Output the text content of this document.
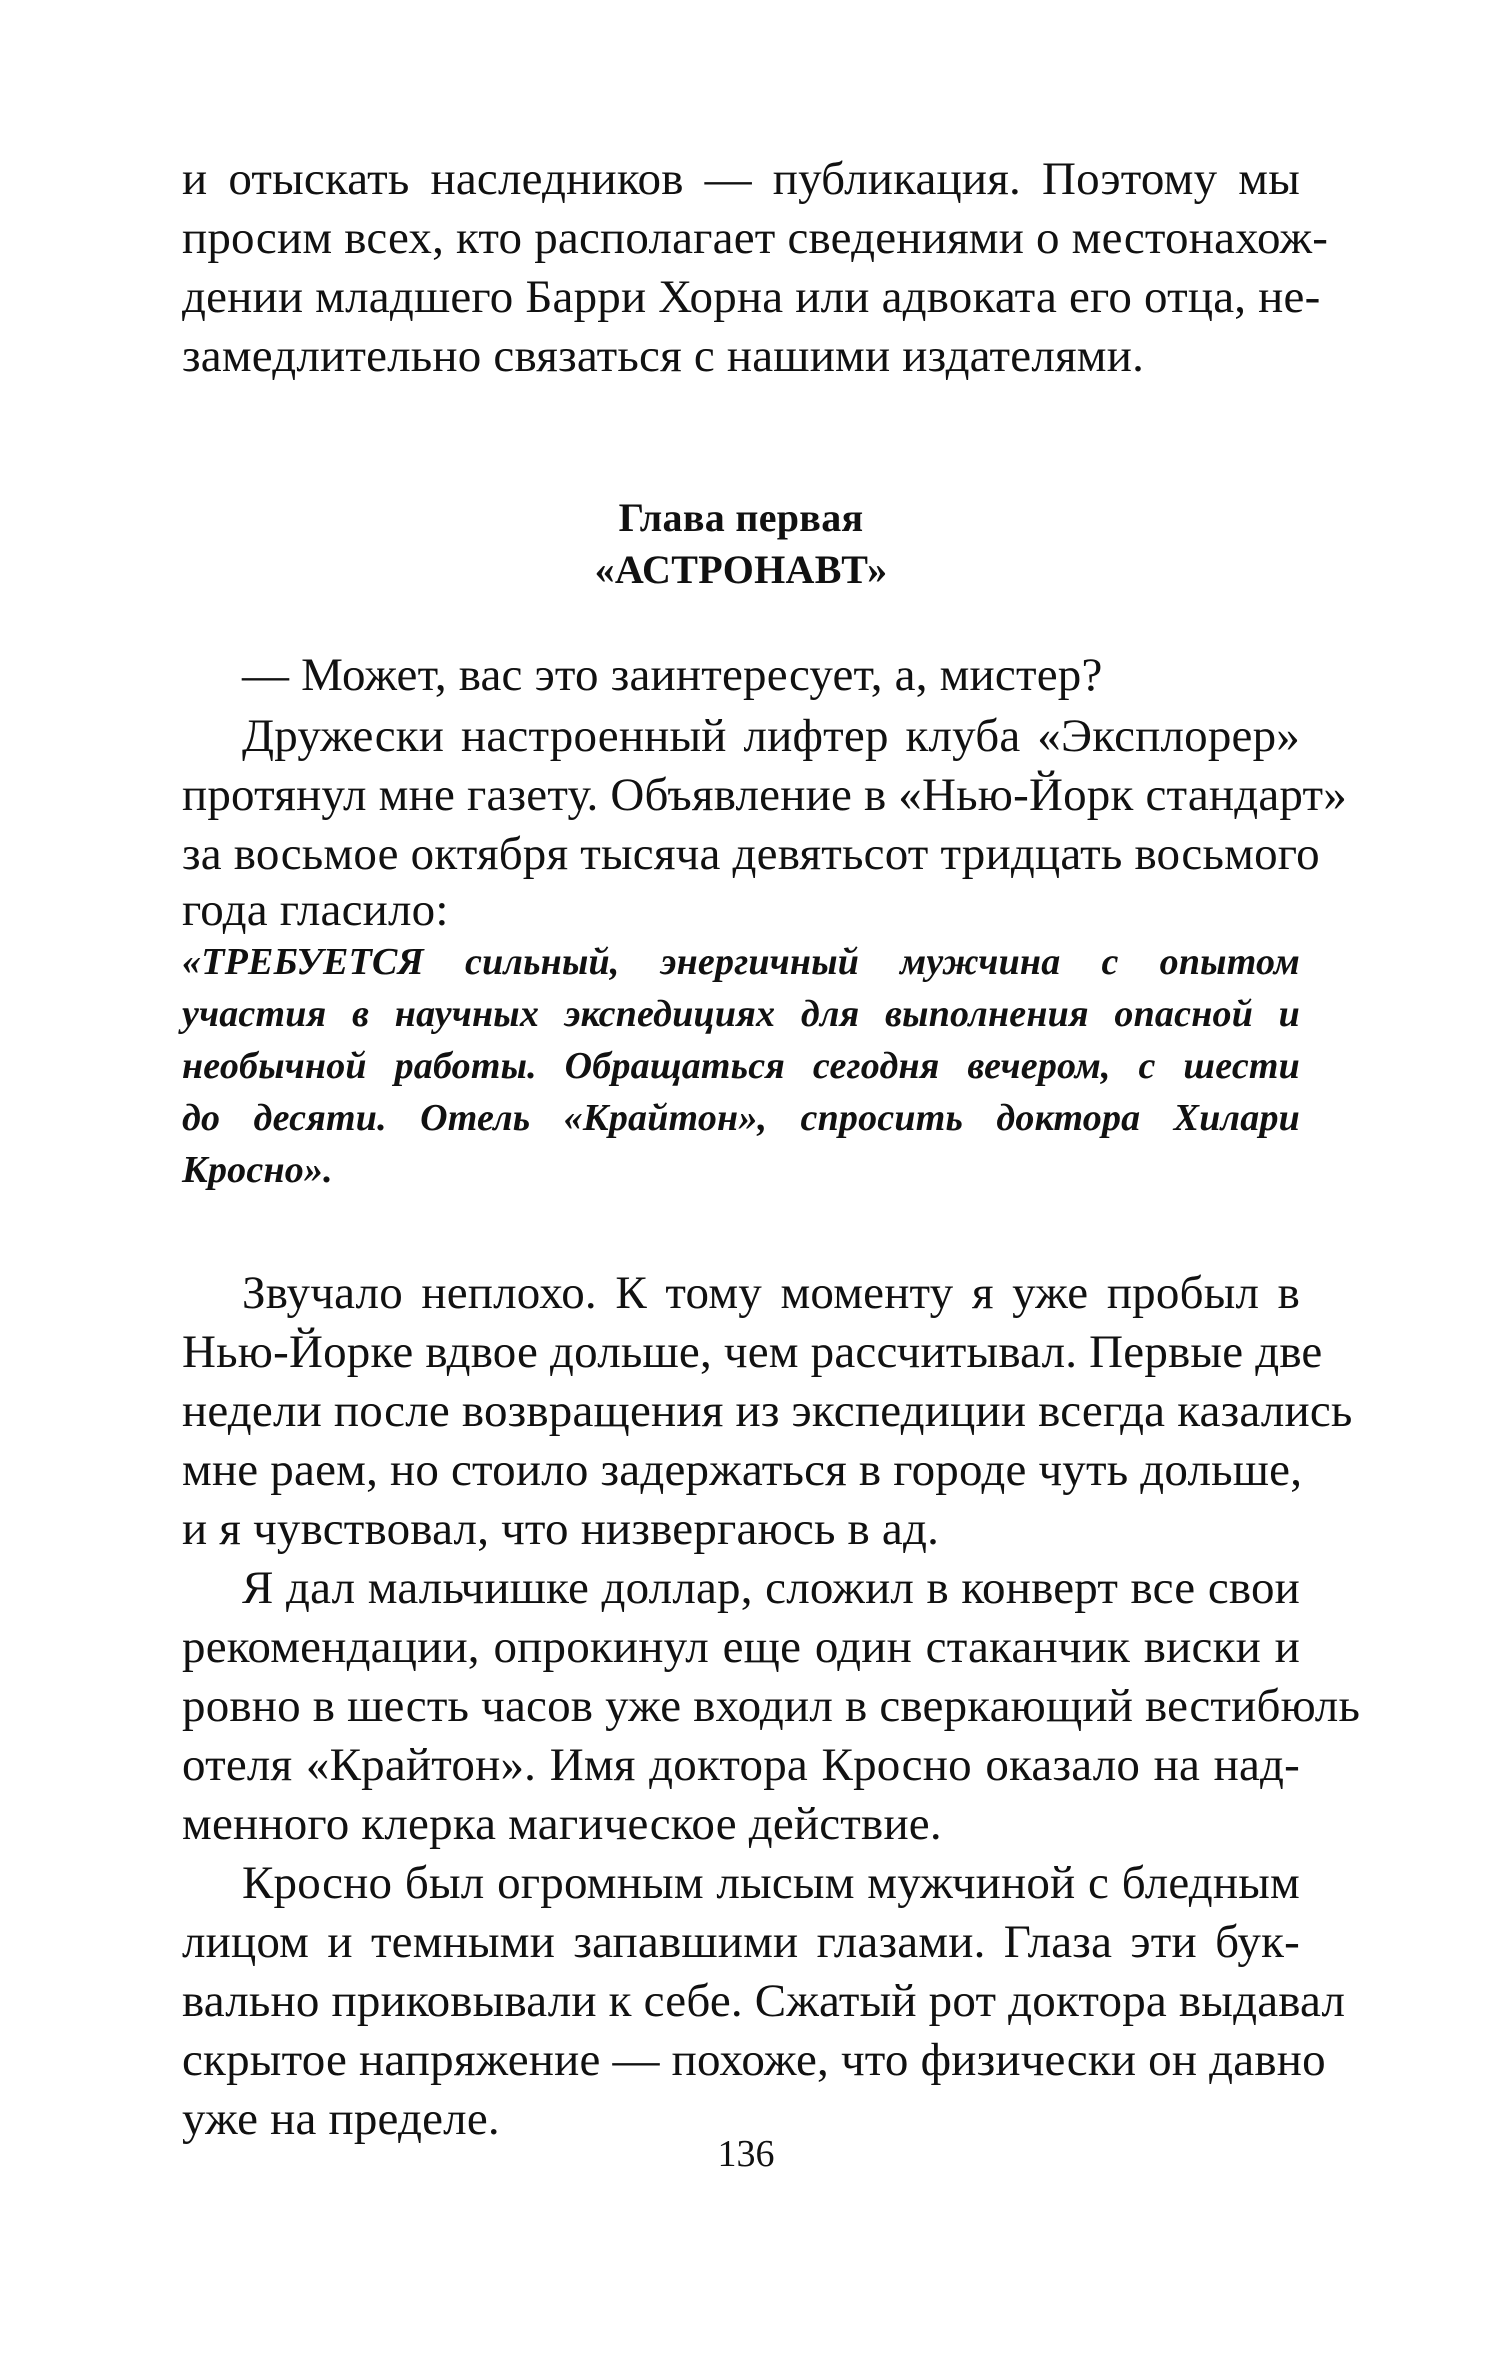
и отыскать наследников — публикация. Поэтому мы
просим всех, кто располагает сведениями о местонахож-
дении младшего Барри Хорна или адвоката его отца, не-
замедлительно связаться с нашими издателями.
Глава первая
«АСТРОНАВТ»
— Может, вас это заинтересует, а, мистер?
Дружески настроенный лифтер клуба «Эксплорер»
протянул мне газету. Объявление в «Нью-Йорк стандарт»
за восьмое октября тысяча девятьсот тридцать восьмого
года гласило:
«ТРЕБУЕТСЯ сильный, энергичный мужчина с опытом
участия в научных экспедициях для выполнения опасной и
необычной работы. Обращаться сегодня вечером, с шести
до десяти. Отель «Крайтон», спросить доктора Хилари
Кросно».
Звучало неплохо. К тому моменту я уже пробыл в
Нью-Йорке вдвое дольше, чем рассчитывал. Первые две
недели после возвращения из экспедиции всегда казались
мне раем, но стоило задержаться в городе чуть дольше,
и я чувствовал, что низвергаюсь в ад.
Я дал мальчишке доллар, сложил в конверт все свои
рекомендации, опрокинул еще один стаканчик виски и
ровно в шесть часов уже входил в сверкающий вестибюль
отеля «Крайтон». Имя доктора Кросно оказало на над-
менного клерка магическое действие.
Кросно был огромным лысым мужчиной с бледным
лицом и темными запавшими глазами. Глаза эти бук-
вально приковывали к себе. Сжатый рот доктора выдавал
скрытое напряжение — похоже, что физически он давно
уже на пределе.
136
